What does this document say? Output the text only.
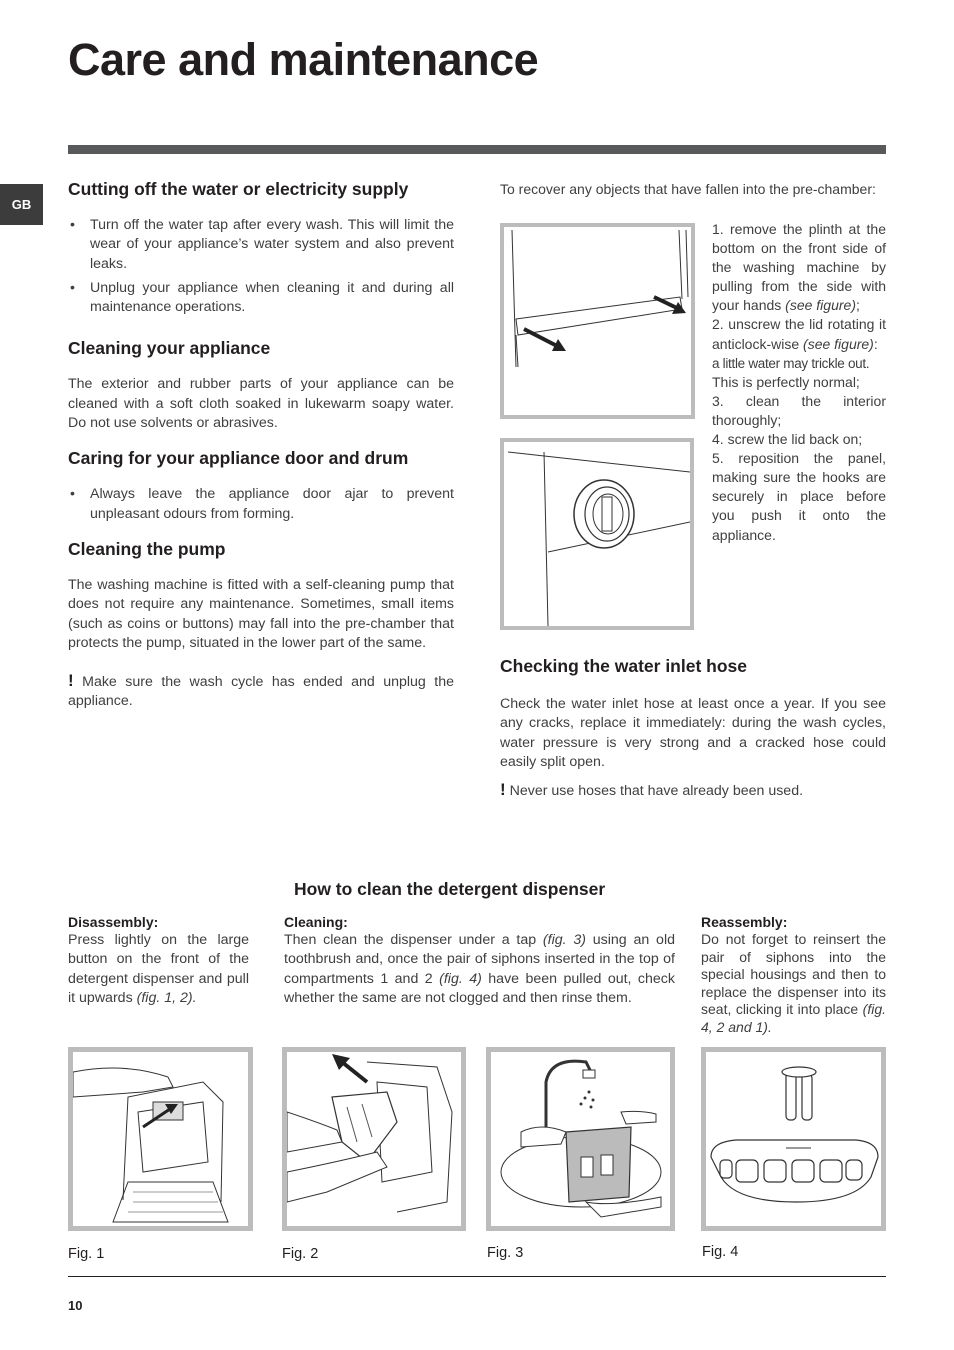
Care and maintenance
GB
Cutting off the water or electricity supply
• Turn off the water tap after every wash. This will limit the wear of your appliance’s water system and also prevent leaks.
• Unplug your appliance when cleaning it and during all maintenance operations.
Cleaning your appliance

The exterior and rubber parts of your appliance can be cleaned with a soft cloth soaked in lukewarm soapy water. Do not use solvents or abrasives.

Caring for your appliance door and drum
• Always leave the appliance door ajar to prevent unpleasant odours from forming.
Cleaning the pump

The washing machine is fitted with a self-cleaning pump that does not require any maintenance. Sometimes, small items (such as coins or buttons) may fall into the pre-chamber that protects the pump, situated in the lower part of the same.

! Make sure the wash cycle has ended and unplug the appliance.

To recover any objects that have fallen into the pre-chamber:

1. remove the plinth at the bottom on the front side of the washing machine by pulling from the side with your hands (see figure);

2. unscrew the lid rotating it anticlock-wise (see figure):

a little water may trickle out.

This is perfectly normal;

3. clean the interior thoroughly;

4. screw the lid back on;

5. reposition the panel, making sure the hooks are securely in place before you push it onto the appliance.

Checking the water inlet hose

Check the water inlet hose at least once a year. If you see any cracks, replace it immediately: during the wash cycles, water pressure is very strong and a cracked hose could easily split open.

! Never use hoses that have already been used.

How to clean the detergent dispenser
Disassembly:

Press lightly on the large button on the front of the detergent dispenser and pull it upwards (fig. 1, 2).

Cleaning:

Then clean the dispenser under a tap (fig. 3) using an old toothbrush and, once the pair of siphons inserted in the top of compartments 1 and 2 (fig. 4) have been pulled out, check whether the same are not clogged and then rinse them.

Reassembly:

Do not forget to reinsert the pair of siphons into the special housings and then to replace the dispenser into its seat, clicking it into place (fig. 4, 2 and 1).

Fig. 1	Fig. 2	Fig. 3	Fig. 4
10
